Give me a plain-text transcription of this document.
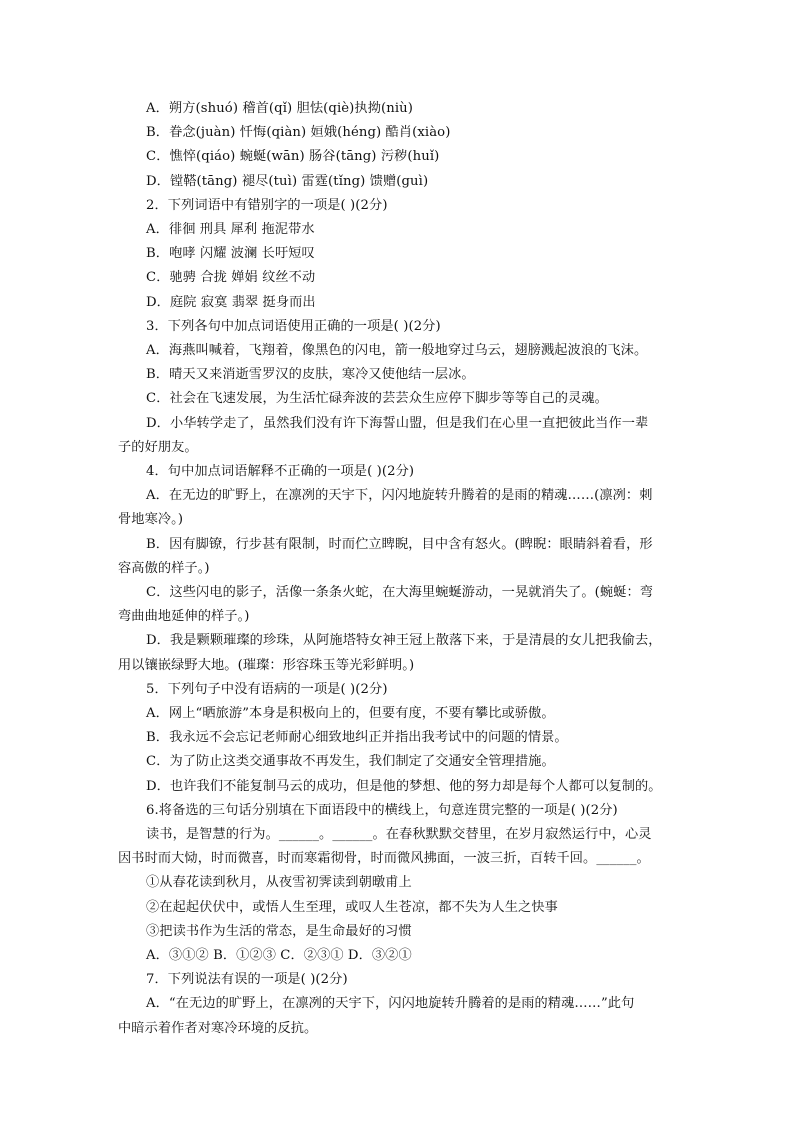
A．朔方(shuó) 稽首(qǐ) 胆怯(qiè)执拗(niù)
B．眷念(juàn) 忏悔(qiàn) 姮娥(héng) 酷肖(xiào)
C．憔悴(qiáo) 蜿蜒(wān) 肠谷(tāng) 污秽(huǐ)
D．镗鞳(tāng) 褪尽(tuì) 雷霆(tǐng) 馈赠(guì)
2．下列词语中有错别字的一项是( )(2分)
A．徘徊 刑具 犀利 拖泥带水
B．咆哮 闪耀 波澜 长吁短叹
C．驰骋 合拢 婵娟 纹丝不动
D．庭院 寂寞 翡翠 挺身而出
3．下列各句中加点词语使用正确的一项是( )(2分)
A．海燕叫喊着，飞翔着，像黑色的闪电，箭一般地穿过乌云，翅膀溅起波浪的飞沫。
B．晴天又来消逝雪罗汉的皮肤，寒冷又使他结一层冰。
C．社会在飞速发展，为生活忙碌奔波的芸芸众生应停下脚步等等自己的灵魂。
D．小华转学走了，虽然我们没有许下海誓山盟，但是我们在心里一直把彼此当作一辈
子的好朋友。
4．句中加点词语解释不正确的一项是( )(2分)
A．在无边的旷野上，在凛冽的天宇下，闪闪地旋转升腾着的是雨的精魂……(凛冽：刺
骨地寒冷。)
B．因有脚镣，行步甚有限制，时而伫立睥睨，目中含有怒火。(睥睨：眼睛斜着看，形
容高傲的样子。)
C．这些闪电的影子，活像一条条火蛇，在大海里蜿蜒游动，一晃就消失了。(蜿蜒：弯
弯曲曲地延伸的样子。)
D．我是颗颗璀璨的珍珠，从阿施塔特女神王冠上散落下来，于是清晨的女儿把我偷去，
用以镶嵌绿野大地。(璀璨：形容珠玉等光彩鲜明。)
5．下列句子中没有语病的一项是( )(2分)
A．网上“晒旅游”本身是积极向上的，但要有度，不要有攀比或骄傲。
B．我永远不会忘记老师耐心细致地纠正并指出我考试中的问题的情景。
C．为了防止这类交通事故不再发生，我们制定了交通安全管理措施。
D．也许我们不能复制马云的成功，但是他的梦想、他的努力却是每个人都可以复制的。
6.将备选的三句话分别填在下面语段中的横线上，句意连贯完整的一项是( )(2分)
读书，是智慧的行为。______。______。在春秋默默交替里，在岁月寂然运行中，心灵
因书时而大恸，时而微喜，时而寒霜彻骨，时而微风拂面，一波三折，百转千回。______。
①从春花读到秋月，从夜雪初霁读到朝暾甫上
②在起起伏伏中，或悟人生至理，或叹人生苍凉，都不失为人生之快事
③把读书作为生活的常态，是生命最好的习惯
A．③①② B．①②③ C．②③① D．③②①
7．下列说法有误的一项是( )(2分)
A．“在无边的旷野上，在凛冽的天宇下，闪闪地旋转升腾着的是雨的精魂……”此句
中暗示着作者对寒冷环境的反抗。
